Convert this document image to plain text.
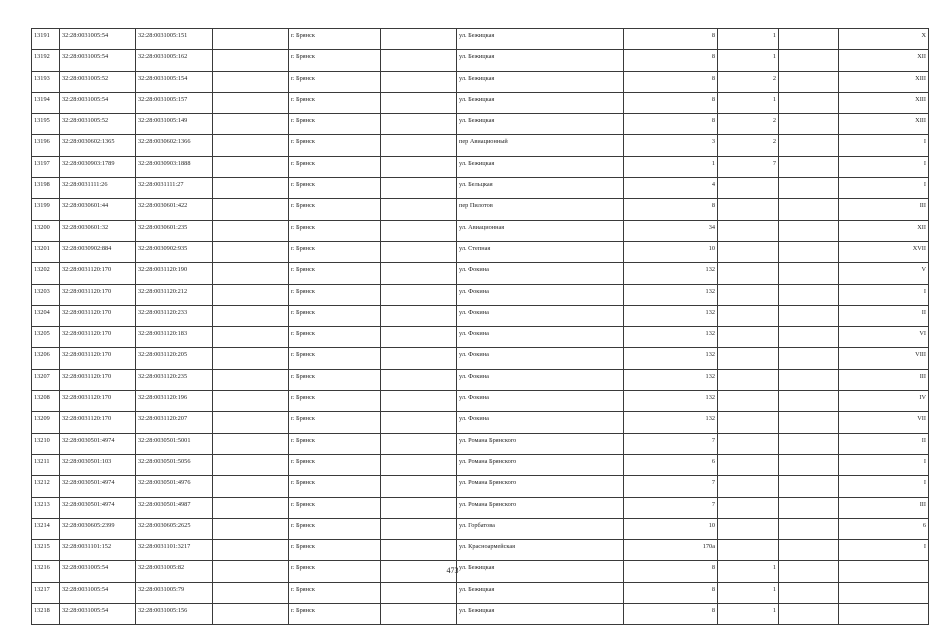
13191	32:28:0031005:54	32:28:0031005:151		г. Брянск		ул. Бежицкая	8	1		X
13192	32:28:0031005:54	32:28:0031005:162		г. Брянск		ул. Бежицкая	8	1		XII
13193	32:28:0031005:52	32:28:0031005:154		г. Брянск		ул. Бежицкая	8	2		XIII
13194	32:28:0031005:54	32:28:0031005:157		г. Брянск		ул. Бежицкая	8	1		XIII
13195	32:28:0031005:52	32:28:0031005:149		г. Брянск		ул. Бежицкая	8	2		XIII
13196	32:28:0030602:1365	32:28:0030602:1366		г. Брянск		пер Авиационный	3	2		I
13197	32:28:0030903:1789	32:28:0030903:1888		г. Брянск		ул. Бежицкая	1	7		I
13198	32:28:0031111:26	32:28:0031111:27		г. Брянск		ул. Бельцкая	4			I
13199	32:28:0030601:44	32:28:0030601:422		г. Брянск		пер Пилотов	8			III
13200	32:28:0030601:32	32:28:0030601:235		г. Брянск		ул. Авиационная	34			XII
13201	32:28:0030902:884	32:28:0030902:935		г. Брянск		ул. Степная	10			XVII
13202	32:28:0031120:170	32:28:0031120:190		г. Брянск		ул. Фокина	132			V
13203	32:28:0031120:170	32:28:0031120:212		г. Брянск		ул. Фокина	132			I
13204	32:28:0031120:170	32:28:0031120:233		г. Брянск		ул. Фокина	132			II
13205	32:28:0031120:170	32:28:0031120:183		г. Брянск		ул. Фокина	132			VI
13206	32:28:0031120:170	32:28:0031120:205		г. Брянск		ул. Фокина	132			VIII
13207	32:28:0031120:170	32:28:0031120:235		г. Брянск		ул. Фокина	132			III
13208	32:28:0031120:170	32:28:0031120:196		г. Брянск		ул. Фокина	132			IV
13209	32:28:0031120:170	32:28:0031120:207		г. Брянск		ул. Фокина	132			VII
13210	32:28:0030501:4974	32:28:0030501:5001		г. Брянск		ул. Романа Брянского	7			II
13211	32:28:0030501:103	32:28:0030501:5056		г. Брянск		ул. Романа Брянского	6			I
13212	32:28:0030501:4974	32:28:0030501:4976		г. Брянск		ул. Романа Брянского	7			I
13213	32:28:0030501:4974	32:28:0030501:4987		г. Брянск		ул. Романа Брянского	7			III
13214	32:28:0030605:2399	32:28:0030605:2625		г. Брянск		ул. Горбатова	10			6
13215	32:28:0031101:152	32:28:0031101:3217		г. Брянск		ул. Красноармейская	170а			I
13216	32:28:0031005:54	32:28:0031005:82		г. Брянск		ул. Бежицкая	8	1		
13217	32:28:0031005:54	32:28:0031005:79		г. Брянск		ул. Бежицкая	8	1		
13218	32:28:0031005:54	32:28:0031005:156		г. Брянск		ул. Бежицкая	8	1		
473
